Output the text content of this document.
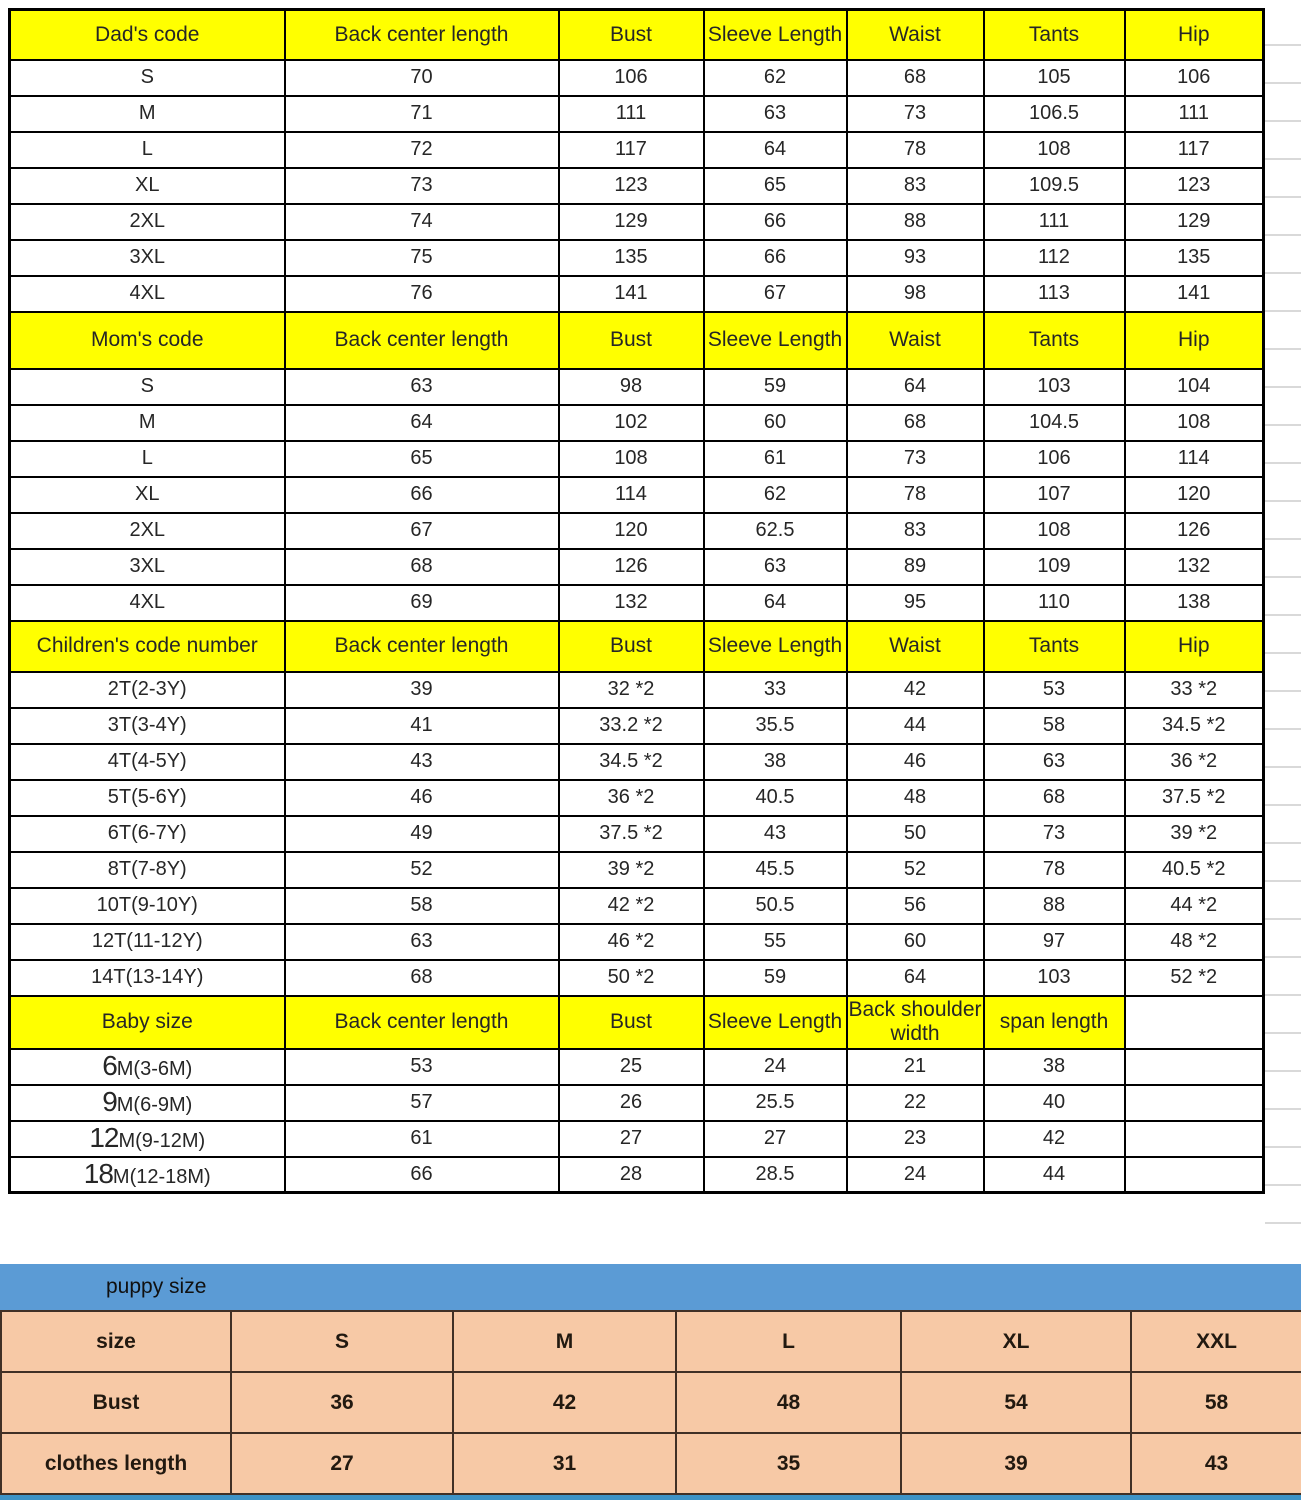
Dad's code	Back center length	Bust	Sleeve Length	Waist	Tants	Hip
S	70	106	62	68	105	106
M	71	111	63	73	106.5	111
L	72	117	64	78	108	117
XL	73	123	65	83	109.5	123
2XL	74	129	66	88	111	129
3XL	75	135	66	93	112	135
4XL	76	141	67	98	113	141
Mom's code	Back center length	Bust	Sleeve Length	Waist	Tants	Hip
S	63	98	59	64	103	104
M	64	102	60	68	104.5	108
L	65	108	61	73	106	114
XL	66	114	62	78	107	120
2XL	67	120	62.5	83	108	126
3XL	68	126	63	89	109	132
4XL	69	132	64	95	110	138
Children's code number	Back center length	Bust	Sleeve Length	Waist	Tants	Hip
2T(2-3Y)	39	32 *2	33	42	53	33 *2
3T(3-4Y)	41	33.2 *2	35.5	44	58	34.5 *2
4T(4-5Y)	43	34.5 *2	38	46	63	36 *2
5T(5-6Y)	46	36 *2	40.5	48	68	37.5 *2
6T(6-7Y)	49	37.5 *2	43	50	73	39 *2
8T(7-8Y)	52	39 *2	45.5	52	78	40.5 *2
10T(9-10Y)	58	42 *2	50.5	56	88	44 *2
12T(11-12Y)	63	46 *2	55	60	97	48 *2
14T(13-14Y)	68	50 *2	59	64	103	52 *2
Baby size	Back center length	Bust	Sleeve Length	Back shoulder width	span length	
6M(3-6M)	53	25	24	21	38	
9M(6-9M)	57	26	25.5	22	40	
12M(9-12M)	61	27	27	23	42	
18M(12-18M)	66	28	28.5	24	44	
puppy size
size	S	M	L	XL	XXL
Bust	36	42	48	54	58
clothes length	27	31	35	39	43
